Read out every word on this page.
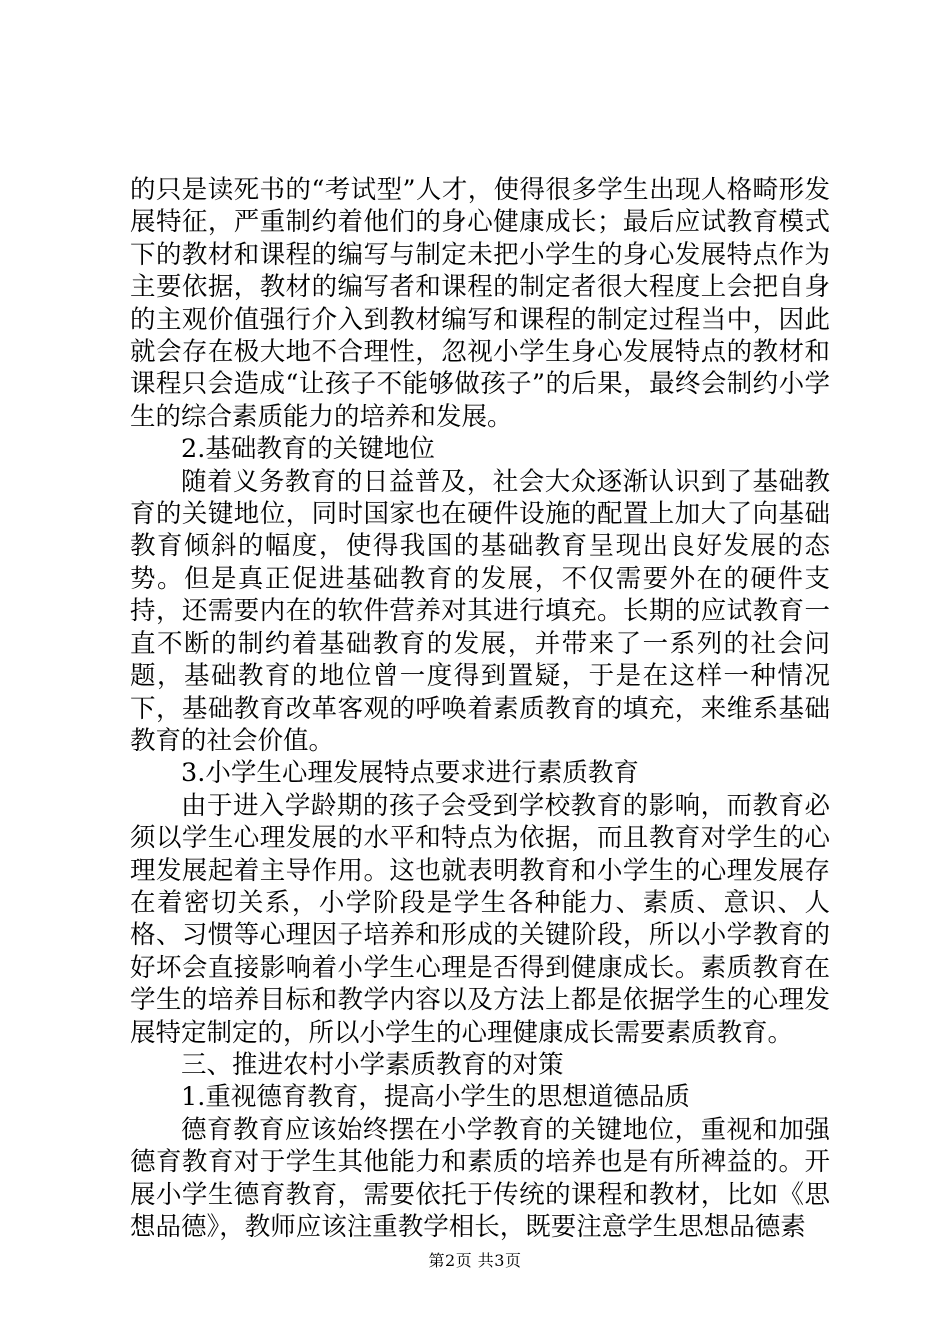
的只是读死书的“考试型”人才，使得很多学生出现人格畸形发展特征，严重制约着他们的身心健康成长；最后应试教育模式下的教材和课程的编写与制定未把小学生的身心发展特点作为主要依据，教材的编写者和课程的制定者很大程度上会把自身的主观价值强行介入到教材编写和课程的制定过程当中，因此就会存在极大地不合理性，忽视小学生身心发展特点的教材和课程只会造成“让孩子不能够做孩子”的后果，最终会制约小学生的综合素质能力的培养和发展。

2.基础教育的关键地位

随着义务教育的日益普及，社会大众逐渐认识到了基础教育的关键地位，同时国家也在硬件设施的配置上加大了向基础教育倾斜的幅度，使得我国的基础教育呈现出良好发展的态势。但是真正促进基础教育的发展，不仅需要外在的硬件支持，还需要内在的软件营养对其进行填充。长期的应试教育一直不断的制约着基础教育的发展，并带来了一系列的社会问题，基础教育的地位曾一度得到置疑，于是在这样一种情况下，基础教育改革客观的呼唤着素质教育的填充，来维系基础教育的社会价值。

3.小学生心理发展特点要求进行素质教育

由于进入学龄期的孩子会受到学校教育的影响，而教育必须以学生心理发展的水平和特点为依据，而且教育对学生的心理发展起着主导作用。这也就表明教育和小学生的心理发展存在着密切关系，小学阶段是学生各种能力、素质、意识、人格、习惯等心理因子培养和形成的关键阶段，所以小学教育的好坏会直接影响着小学生心理是否得到健康成长。素质教育在学生的培养目标和教学内容以及方法上都是依据学生的心理发展特定制定的，所以小学生的心理健康成长需要素质教育。

三、推进农村小学素质教育的对策

1.重视德育教育，提高小学生的思想道德品质

德育教育应该始终摆在小学教育的关键地位，重视和加强德育教育对于学生其他能力和素质的培养也是有所裨益的。开展小学生德育教育，需要依托于传统的课程和教材，比如《思想品德》，教师应该注重教学相长，既要注意学生思想品德素

第2页 共3页
